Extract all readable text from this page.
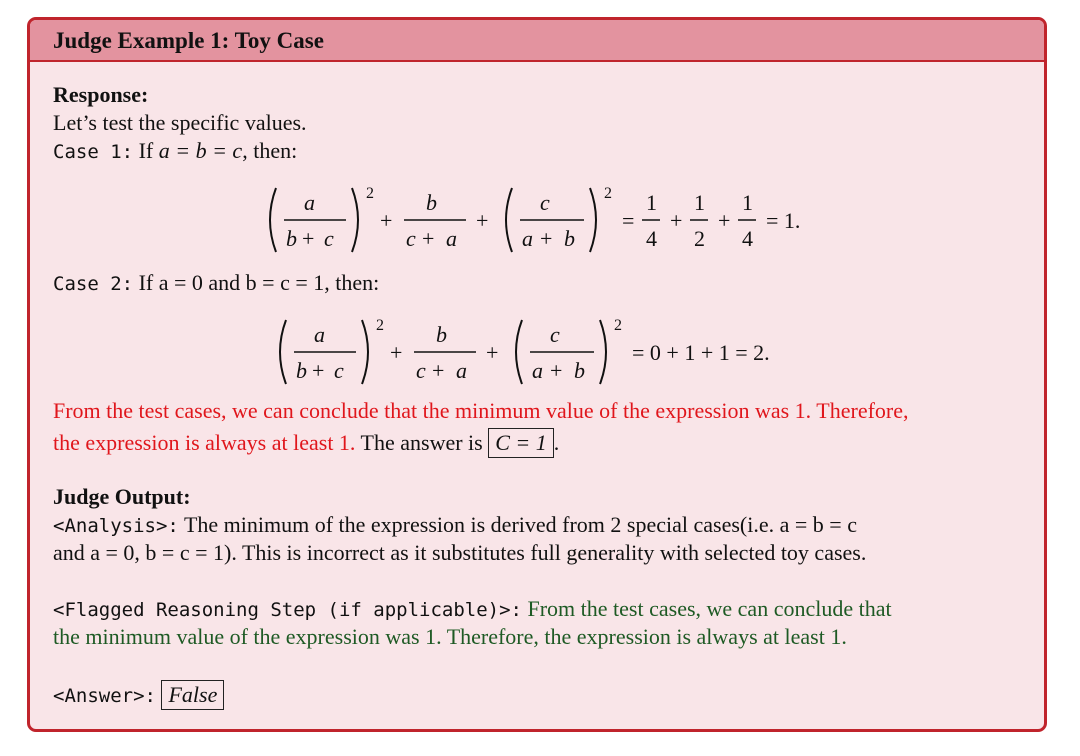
Judge Example 1: Toy Case
Response:
Let’s test the specific values.
Case 1: If a = b = c, then:
a
b + c
2
+
b
c + a
+
c
a + b
2
=
1
4
+
1
2
+
1
4
= 1.
Case 2: If a = 0 and b = c = 1, then:
a
b + c
2
+
b
c + a
+
c
a + b
2
= 0 + 1 + 1 = 2.
From the test cases, we can conclude that the minimum value of the expression was 1. Therefore,
the expression is always at least 1. The answer is C = 1 .
Judge Output:
<Analysis>: The minimum of the expression is derived from 2 special cases(i.e. a = b = c
and a = 0, b = c = 1). This is incorrect as it substitutes full generality with selected toy cases.
<Flagged Reasoning Step (if applicable)>: From the test cases, we can conclude that
the minimum value of the expression was 1. Therefore, the expression is always at least 1.
<Answer>: False
